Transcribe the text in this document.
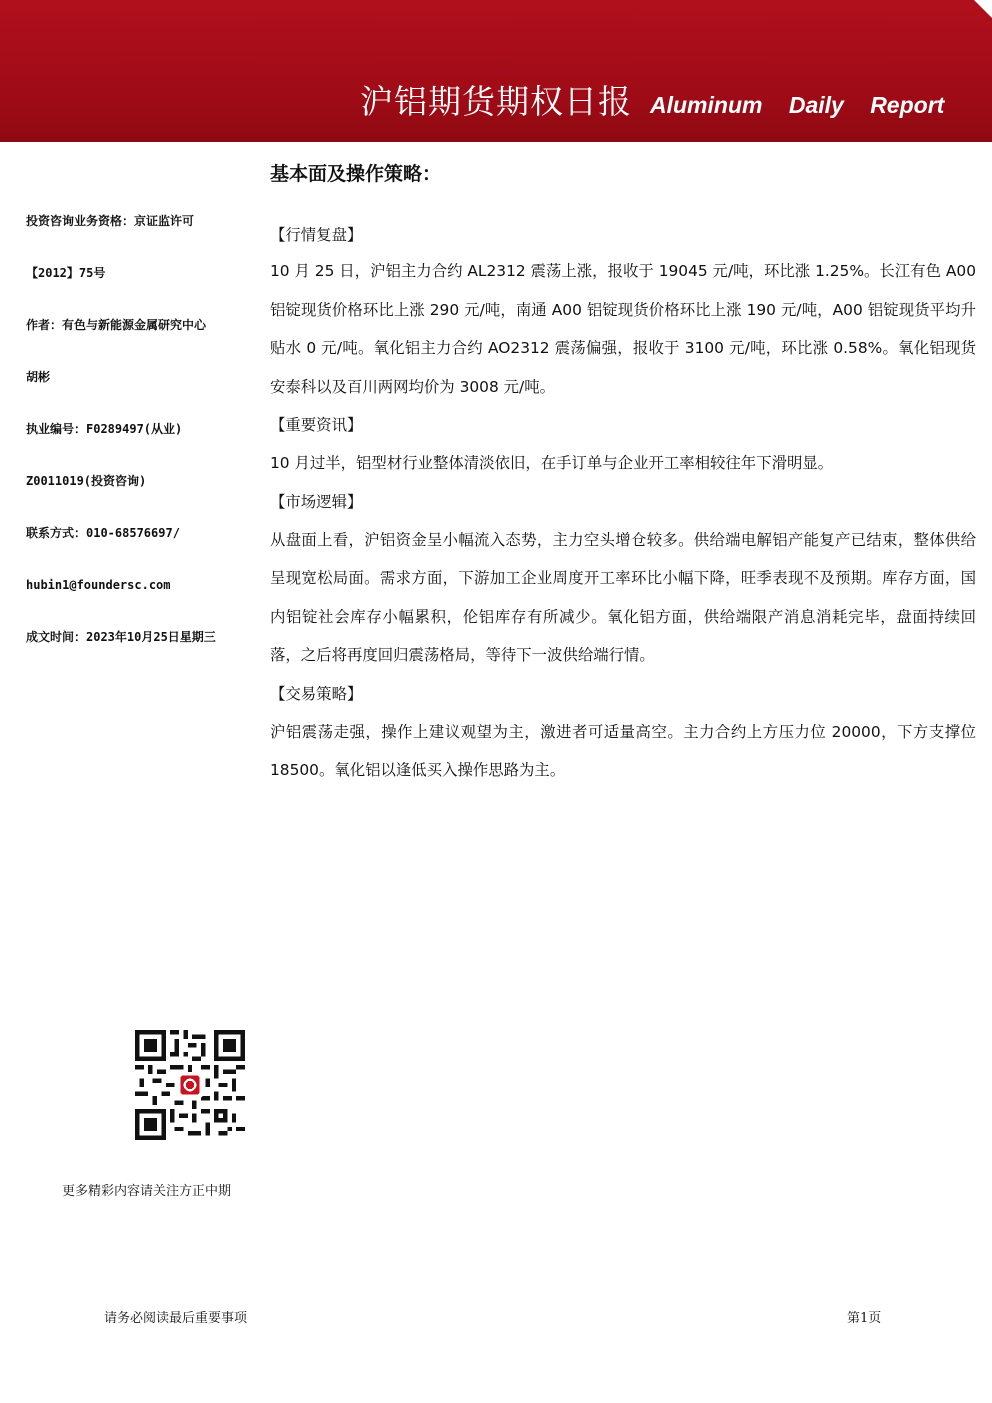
沪铝期货期权日报 Aluminum Daily Report
投资咨询业务资格：京证监许可
【2012】75号
作者：有色与新能源金属研究中心
胡彬
执业编号：F0289497(从业)
Z0011019(投资咨询)
联系方式：010-68576697/
hubin1@foundersc.com
成文时间：2023年10月25日星期三
基本面及操作策略：
【行情复盘】

10 月 25 日，沪铝主力合约 AL2312 震荡上涨，报收于 19045 元/吨，环比涨 1.25%。长江有色 A00 铝锭现货价格环比上涨 290 元/吨，南通 A00 铝锭现货价格环比上涨 190 元/吨，A00 铝锭现货平均升贴水 0 元/吨。氧化铝主力合约 AO2312 震荡偏强，报收于 3100 元/吨，环比涨 0.58%。氧化铝现货安泰科以及百川两网均价为 3008 元/吨。

【重要资讯】

10 月过半，铝型材行业整体清淡依旧，在手订单与企业开工率相较往年下滑明显。

【市场逻辑】

从盘面上看，沪铝资金呈小幅流入态势，主力空头增仓较多。供给端电解铝产能复产已结束，整体供给呈现宽松局面。需求方面，下游加工企业周度开工率环比小幅下降，旺季表现不及预期。库存方面，国内铝锭社会库存小幅累积，伦铝库存有所减少。氧化铝方面，供给端限产消息消耗完毕，盘面持续回落，之后将再度回归震荡格局，等待下一波供给端行情。

【交易策略】

沪铝震荡走强，操作上建议观望为主，激进者可适量高空。主力合约上方压力位 20000，下方支撑位 18500。氧化铝以逢低买入操作思路为主。

更多精彩内容请关注方正中期
请务必阅读最后重要事项	第1页
